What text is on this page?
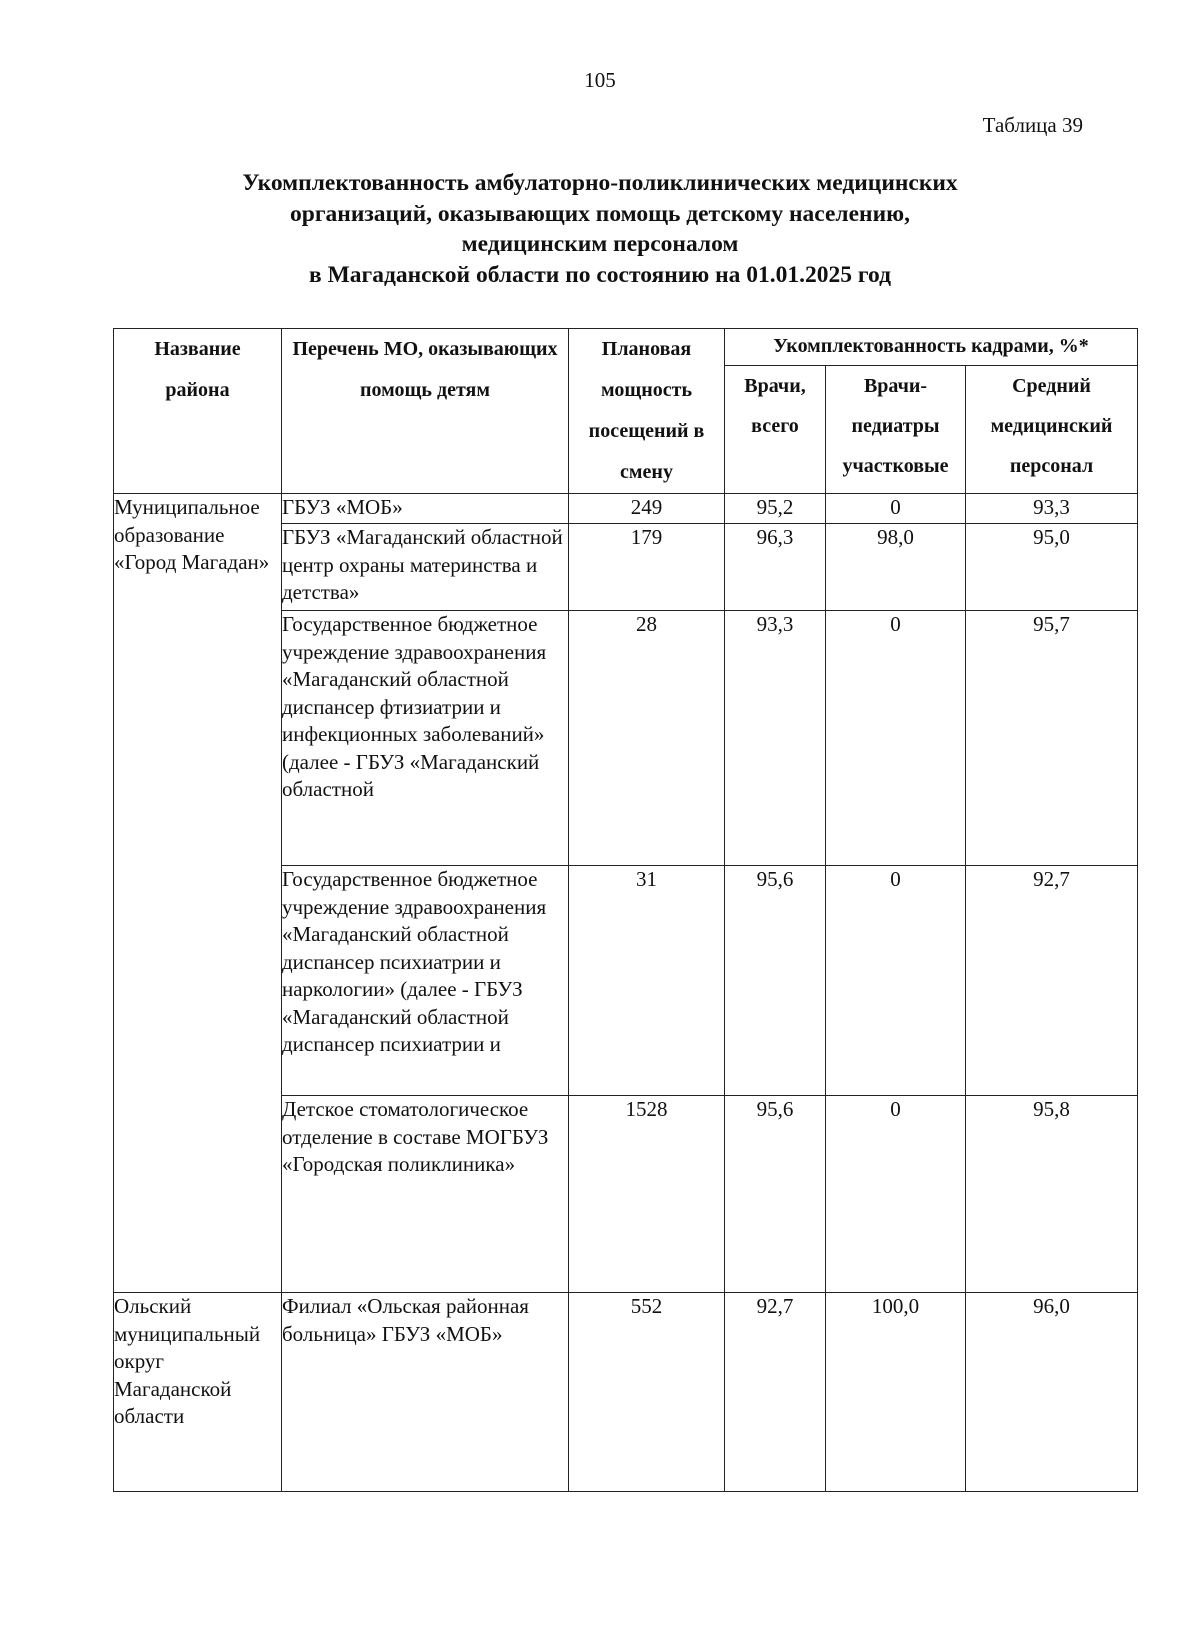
105
Таблица 39
Укомплектованность амбулаторно-поликлинических медицинских
организаций, оказывающих помощь детскому населению,
медицинским персоналом
в Магаданской области по состоянию на 01.01.2025 год
Название района	Перечень МО, оказывающих помощь детям	Плановая мощность посещений в смену	Укомплектованность кадрами, %*		
			Врачи, всего	Врачи-педиатры участковые	Средний медицинский персонал
Муниципальное образование «Город Магадан»	ГБУЗ «МОБ»	249	95,2	0	93,3
	ГБУЗ «Магаданский областной центр охраны материнства и детства»	179	96,3	98,0	95,0
	Государственное бюджетное учреждение здравоохранения «Магаданский областной диспансер фтизиатрии и инфекционных заболеваний» (далее - ГБУЗ «Магаданский областной	28	93,3	0	95,7
	Государственное бюджетное учреждение здравоохранения «Магаданский областной диспансер психиатрии и наркологии» (далее - ГБУЗ «Магаданский областной диспансер психиатрии и	31	95,6	0	92,7
	Детское стоматологическое отделение в составе МОГБУЗ «Городская поликлиника»	1528	95,6	0	95,8
Ольский муниципальный округ Магаданской области	Филиал «Ольская районная больница» ГБУЗ «МОБ»	552	92,7	100,0	96,0
